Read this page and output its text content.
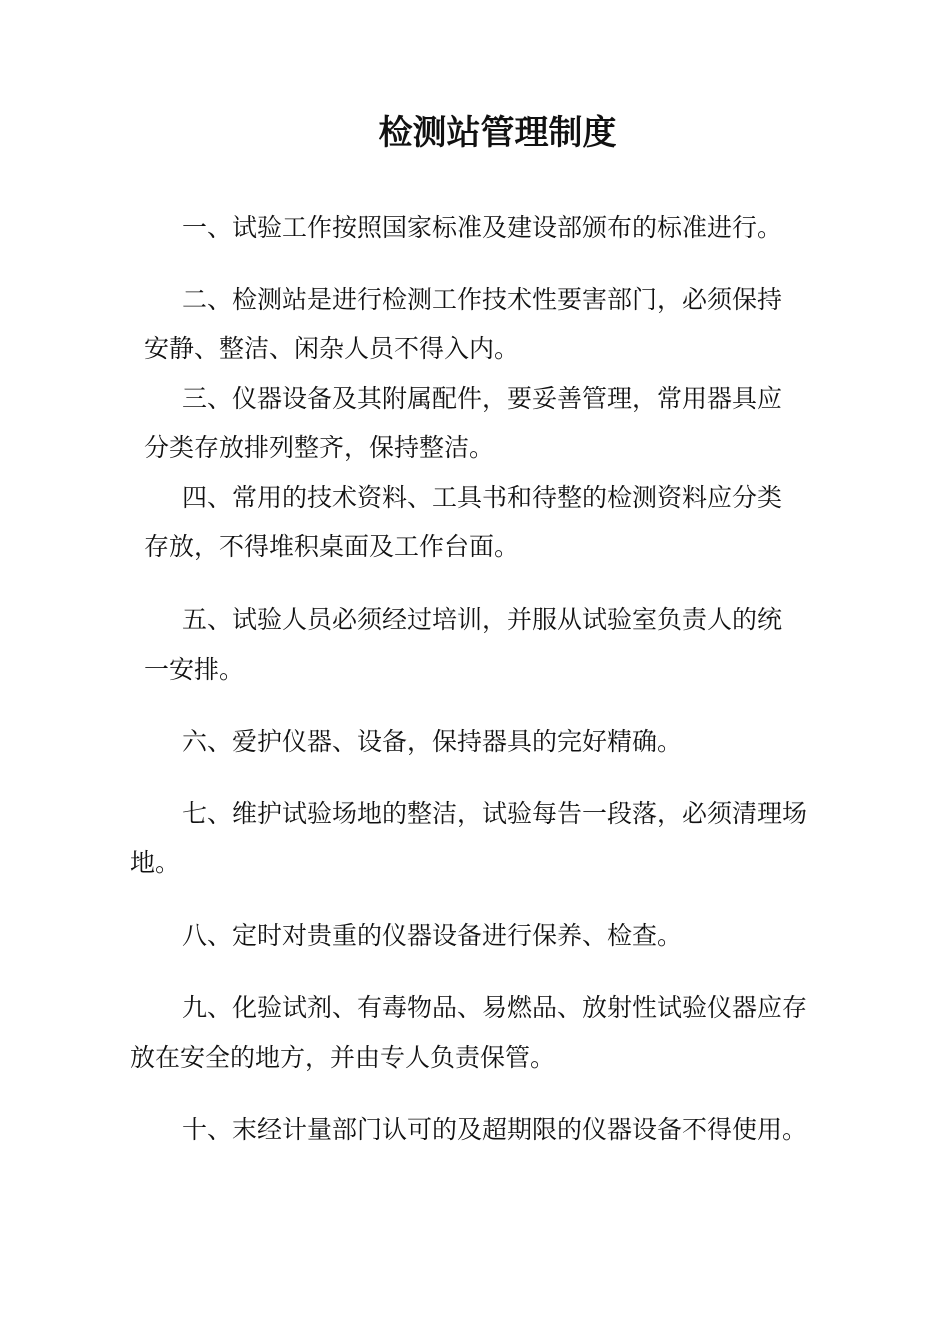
检测站管理制度
一、试验工作按照国家标准及建设部颁布的标准进行。
二、检测站是进行检测工作技术性要害部门，必须保持
安静、整洁、闲杂人员不得入内。
三、仪器设备及其附属配件，要妥善管理，常用器具应
分类存放排列整齐，保持整洁。
四、常用的技术资料、工具书和待整的检测资料应分类
存放，不得堆积桌面及工作台面。
五、试验人员必须经过培训，并服从试验室负责人的统
一安排。
六、爱护仪器、设备，保持器具的完好精确。
七、维护试验场地的整洁，试验每告一段落，必须清理场
地。
八、定时对贵重的仪器设备进行保养、检查。
九、化验试剂、有毒物品、易燃品、放射性试验仪器应存
放在安全的地方，并由专人负责保管。
十、末经计量部门认可的及超期限的仪器设备不得使用。
